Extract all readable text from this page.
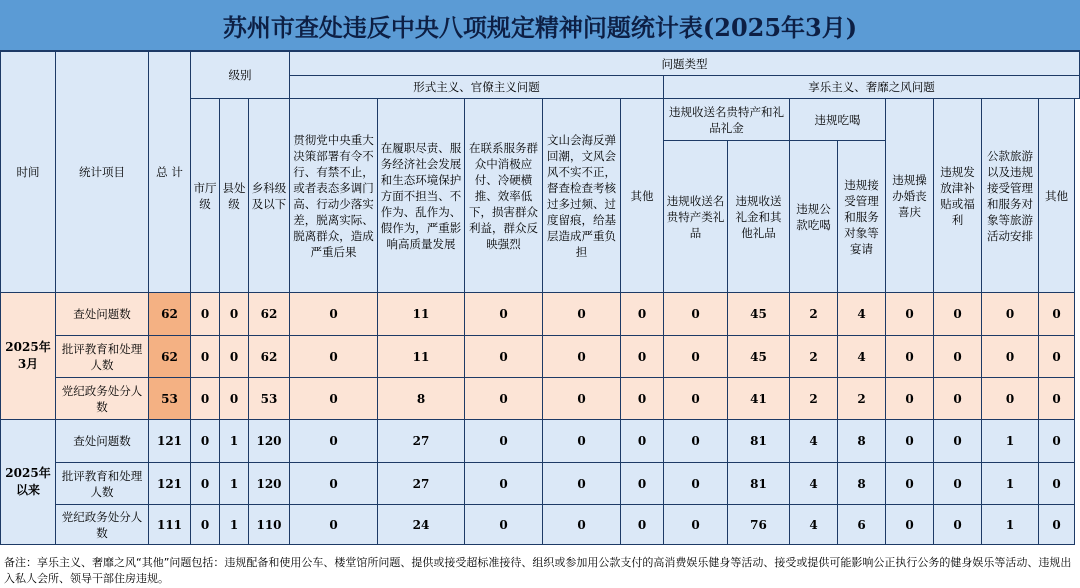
苏州市查处违反中央八项规定精神问题统计表(2025年3月)
时间	统计项目	总 计	级别			问题类型												
						形式主义、官僚主义问题					享乐主义、奢靡之风问题							
			市厅级	县处级	乡科级及以下	贯彻党中央重大决策部署有令不行、有禁不止，或者表态多调门高、行动少落实差，脱离实际、脱离群众，造成严重后果	在履职尽责、服务经济社会发展和生态环境保护方面不担当、不作为、乱作为、假作为，严重影响高质量发展	在联系服务群众中消极应付、冷硬横推、效率低下，损害群众利益，群众反映强烈	文山会海反弹回潮，文风会风不实不正，督查检查考核过多过频、过度留痕，给基层造成严重负担	其他	违规收送名贵特产和礼品礼金		违规吃喝		违规操办婚丧喜庆	违规发放津补贴或福利	公款旅游以及违规接受管理和服务对象等旅游活动安排	其他
											违规收送名贵特产类礼品	违规收送礼金和其他礼品	违规公款吃喝	违规接受管理和服务对象等宴请				
2025年3月	查处问题数	62	0	0	62	0	11	0	0	0	0	45	2	4	0	0	0	0
	批评教育和处理人数	62	0	0	62	0	11	0	0	0	0	45	2	4	0	0	0	0
	党纪政务处分人数	53	0	0	53	0	8	0	0	0	0	41	2	2	0	0	0	0
2025年以来	查处问题数	121	0	1	120	0	27	0	0	0	0	81	4	8	0	0	1	0
	批评教育和处理人数	121	0	1	120	0	27	0	0	0	0	81	4	8	0	0	1	0
	党纪政务处分人数	111	0	1	110	0	24	0	0	0	0	76	4	6	0	0	1	0
备注：享乐主义、奢靡之风“其他”问题包括：违规配备和使用公车、楼堂馆所问题、提供或接受超标准接待、组织或参加用公款支付的高消费娱乐健身等活动、接受或提供可能影响公正执行公务的健身娱乐等活动、违规出入私人会所、领导干部住房违规。
